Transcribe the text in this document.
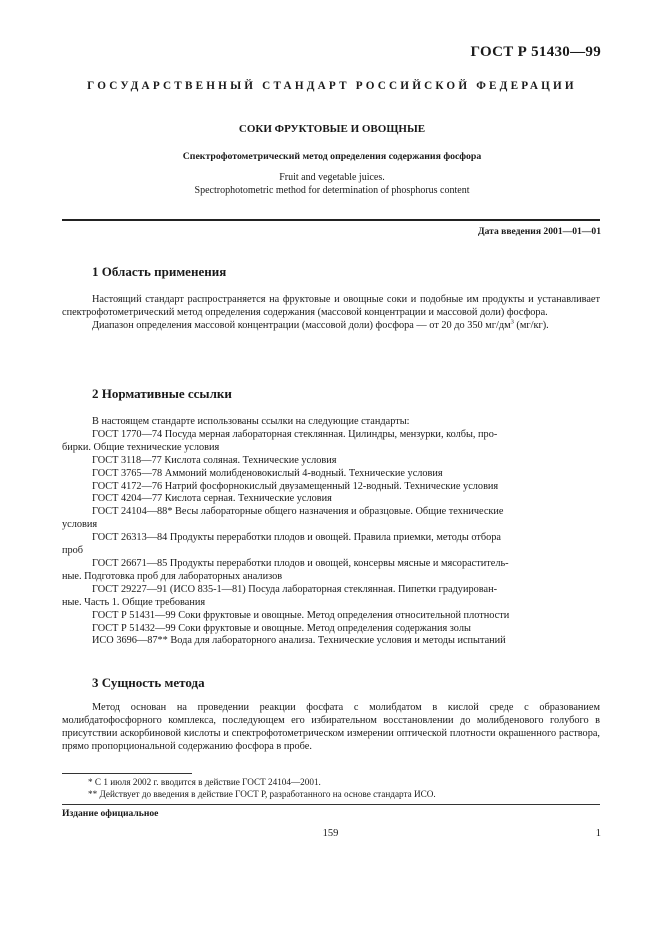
ГОСТ Р 51430—99
ГОСУДАРСТВЕННЫЙ СТАНДАРТ РОССИЙСКОЙ ФЕДЕРАЦИИ
СОКИ ФРУКТОВЫЕ И ОВОЩНЫЕ
Спектрофотометрический метод определения содержания фосфора
Fruit and vegetable juices.
Spectrophotometric method for determination of phosphorus content
Дата введения 2001—01—01
1 Область применения

Настоящий стандарт распространяется на фруктовые и овощные соки и подобные им продукты и устанавливает спектрофотометрический метод определения содержания (массовой концентрации и массовой доли) фосфора.

Диапазон определения массовой концентрации (массовой доли) фосфора — от 20 до 350 $мг/дм^3$ (мг/кг).

2 Нормативные ссылки
В настоящем стандарте использованы ссылки на следующие стандарты:
ГОСТ 1770—74 Посуда мерная лабораторная стеклянная. Цилиндры, мензурки, колбы, про-
бирки. Общие технические условия
ГОСТ 3118—77 Кислота соляная. Технические условия
ГОСТ 3765—78 Аммоний молибденовокислый 4-водный. Технические условия
ГОСТ 4172—76 Натрий фосфорнокислый двузамещенный 12-водный. Технические условия
ГОСТ 4204—77 Кислота серная. Технические условия
ГОСТ 24104—88* Весы лабораторные общего назначения и образцовые. Общие технические
условия
ГОСТ 26313—84 Продукты переработки плодов и овощей. Правила приемки, методы отбора
проб
ГОСТ 26671—85 Продукты переработки плодов и овощей, консервы мясные и мясораститель-
ные. Подготовка проб для лабораторных анализов
ГОСТ 29227—91 (ИСО 835-1—81) Посуда лабораторная стеклянная. Пипетки градуирован-
ные. Часть 1. Общие требования
ГОСТ Р 51431—99 Соки фруктовые и овощные. Метод определения относительной плотности
ГОСТ Р 51432—99 Соки фруктовые и овощные. Метод определения содержания золы
ИСО 3696—87** Вода для лабораторного анализа. Технические условия и методы испытаний
3 Сущность метода

Метод основан на проведении реакции фосфата с молибдатом в кислой среде с образованием молибдатофосфорного комплекса, последующем его избирательном восстановлении до молибденового голубого в присутствии аскорбиновой кислоты и спектрофотометрическом измерении оптической плотности окрашенного раствора, прямо пропорциональной содержанию фосфора в пробе.

* С 1 июля 2002 г. вводится в действие ГОСТ 24104—2001.
** Действует до введения в действие ГОСТ Р, разработанного на основе стандарта ИСО.
Издание официальное
159	1
